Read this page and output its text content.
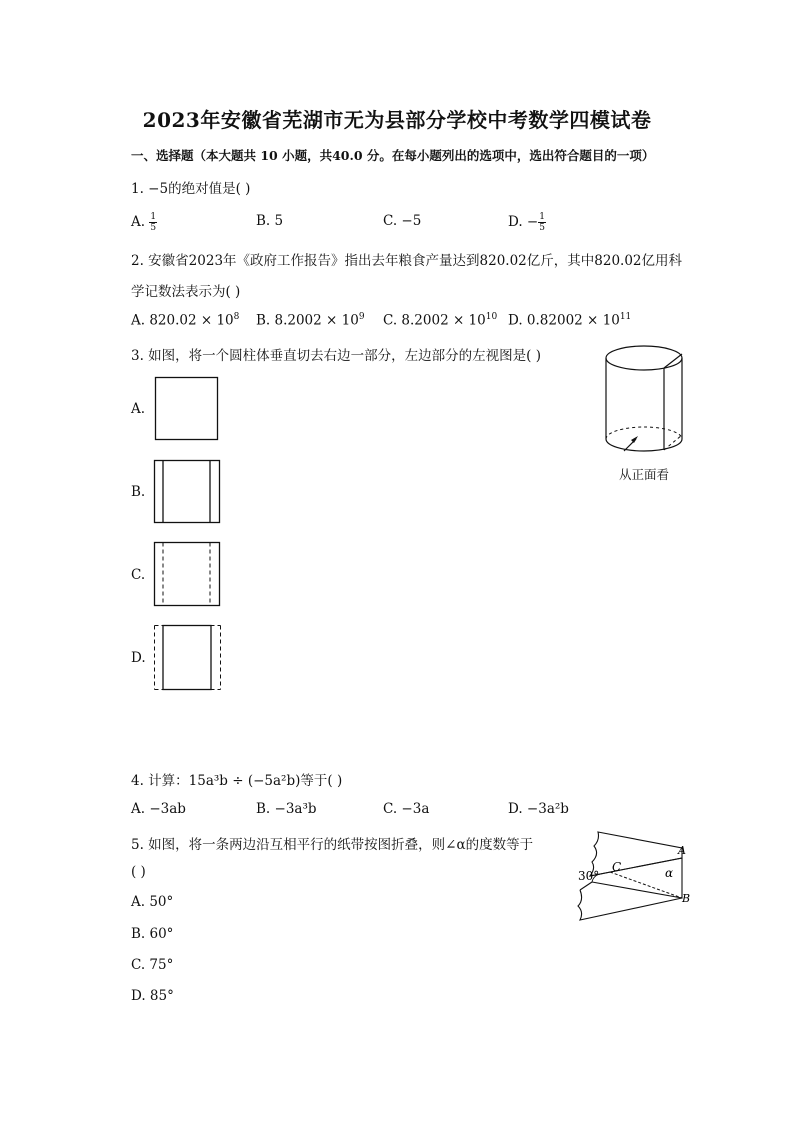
2023年安徽省芜湖市无为县部分学校中考数学四模试卷
一、选择题（本大题共 10 小题，共40.0 分。在每小题列出的选项中，选出符合题目的一项）
1. −5的绝对值是( )
A. $\frac{1}{5}$	B. 5	C. −5	D. − $\frac{1}{5}$
2. 安徽省2023年《政府工作报告》指出去年粮食产量达到820.02亿斤，其中820.02亿用科
学记数法表示为( )
A. $820.02 \times 10^8$ B. $8.2002 \times 10^9$ C. $8.2002 \times 10^{10}$ D. $0.82002 \times 10^{11}$
3. 如图，将一个圆柱体垂直切去右边一部分，左边部分的左视图是( )
A.
B.
C.
D.
从正面看
4. 计算：15a³b ÷ (−5a²b)等于( )
A. −3ab	B. −3a³b	C. −3a	D. −3a²b
5. 如图，将一条两边沿互相平行的纸带按图折叠，则∠α的度数等于
( )
A. 50°
B. 60°
C. 75°
D. 85°
30°
C
A
B
α
